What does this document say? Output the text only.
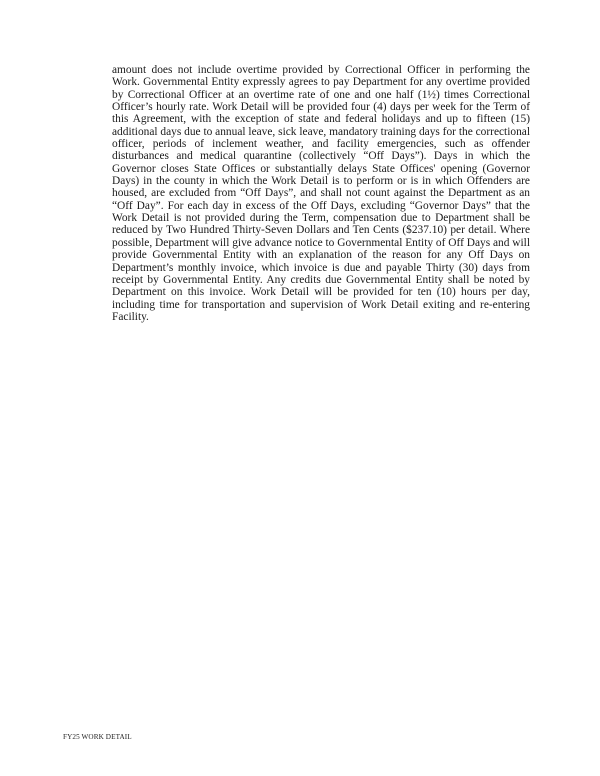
amount does not include overtime provided by Correctional Officer in performing the Work. Governmental Entity expressly agrees to pay Department for any overtime provided by Correctional Officer at an overtime rate of one and one half (1½) times Correctional Officer’s hourly rate. Work Detail will be provided four (4) days per week for the Term of this Agreement, with the exception of state and federal holidays and up to fifteen (15) additional days due to annual leave, sick leave, mandatory training days for the correctional officer, periods of inclement weather, and facility emergencies, such as offender disturbances and medical quarantine (collectively “Off Days”). Days in which the Governor closes State Offices or substantially delays State Offices' opening (Governor Days) in the county in which the Work Detail is to perform or is in which Offenders are housed, are excluded from “Off Days”, and shall not count against the Department as an “Off Day”. For each day in excess of the Off Days, excluding “Governor Days” that the Work Detail is not provided during the Term, compensation due to Department shall be reduced by Two Hundred Thirty-Seven Dollars and Ten Cents ($237.10) per detail. Where possible, Department will give advance notice to Governmental Entity of Off Days and will provide Governmental Entity with an explanation of the reason for any Off Days on Department’s monthly invoice, which invoice is due and payable Thirty (30) days from receipt by Governmental Entity. Any credits due Governmental Entity shall be noted by Department on this invoice. Work Detail will be provided for ten (10) hours per day, including time for transportation and supervision of Work Detail exiting and re-entering Facility.

FY25 WORK DETAIL
